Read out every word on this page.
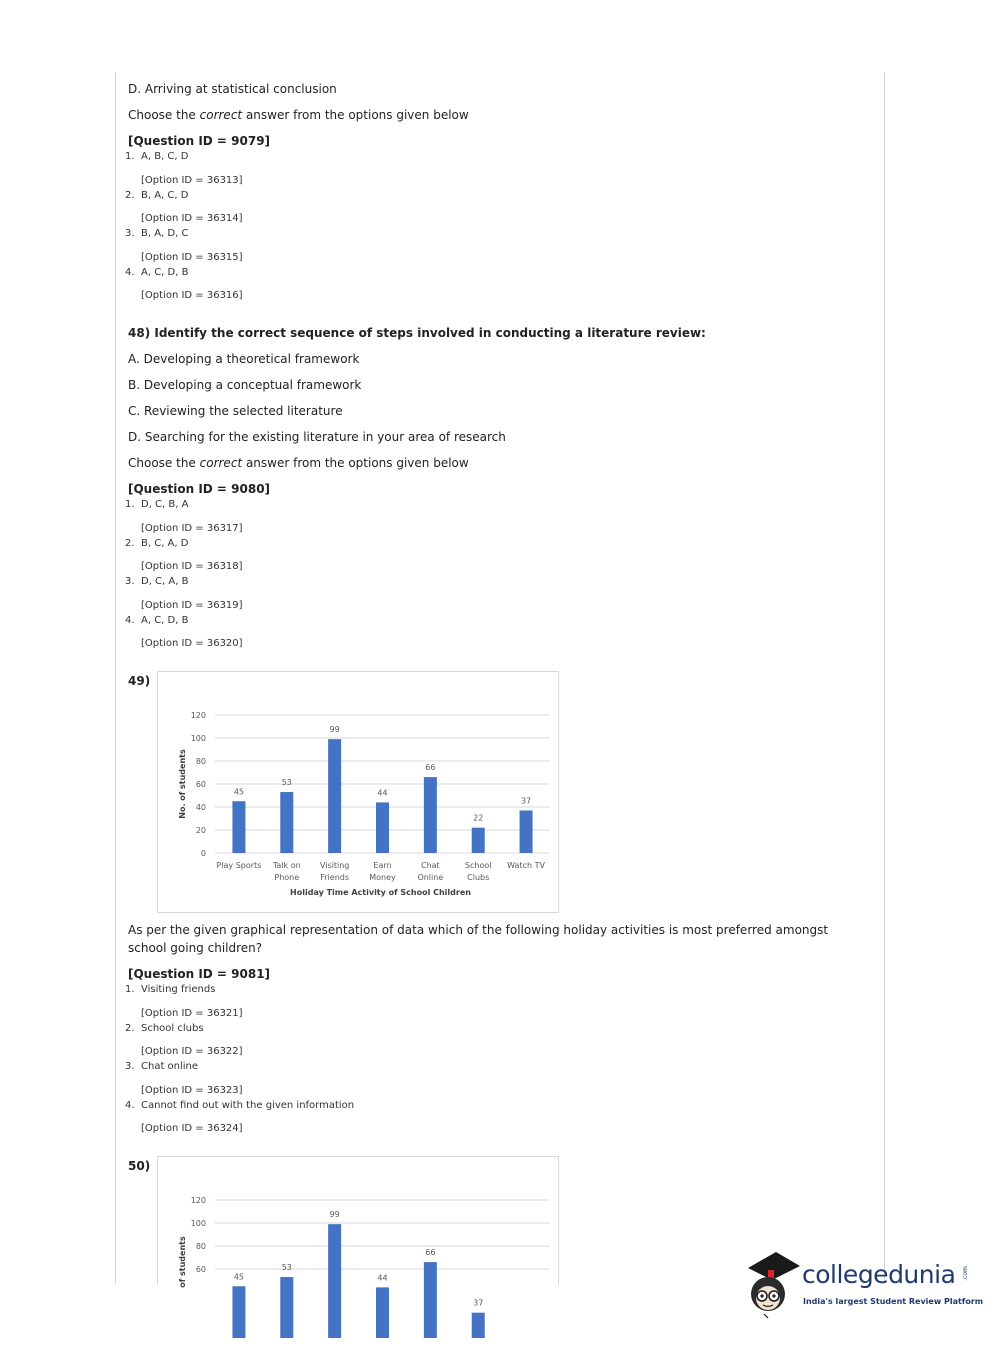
D. Arriving at statistical conclusion
Choose the correct answer from the options given below
[Question ID = 9079]
1. A, B, C, D
[Option ID = 36313]
2. B, A, C, D
[Option ID = 36314]
3. B, A, D, C
[Option ID = 36315]
4. A, C, D, B
[Option ID = 36316]
48) Identify the correct sequence of steps involved in conducting a literature review:
A. Developing a theoretical framework
B. Developing a conceptual framework
C. Reviewing the selected literature
D. Searching for the existing literature in your area of research
Choose the correct answer from the options given below
[Question ID = 9080]
1. D, C, B, A
[Option ID = 36317]
2. B, C, A, D
[Option ID = 36318]
3. D, C, A, B
[Option ID = 36319]
4. A, C, D, B
[Option ID = 36320]
49)
0
20
40
60
80
100
120
No. of students	45
Play Sports
53
Talk on
Phone
99
Visiting
Friends
44
Earn
Money
66
Chat
Online
22
School
Clubs
37
Watch TV
Holiday Time Activity of School Children
As per the given graphical representation of data which of the following holiday activities is most preferred amongst school going children?
[Question ID = 9081]
1. Visiting friends
[Option ID = 36321]
2. School clubs
[Option ID = 36322]
3. Chat online
[Option ID = 36323]
4. Cannot find out with the given information
[Option ID = 36324]
50)
60
80
100
120
of students	45
53
99
44
66
37
collegedunia
India's largest Student Review Platform
.com
